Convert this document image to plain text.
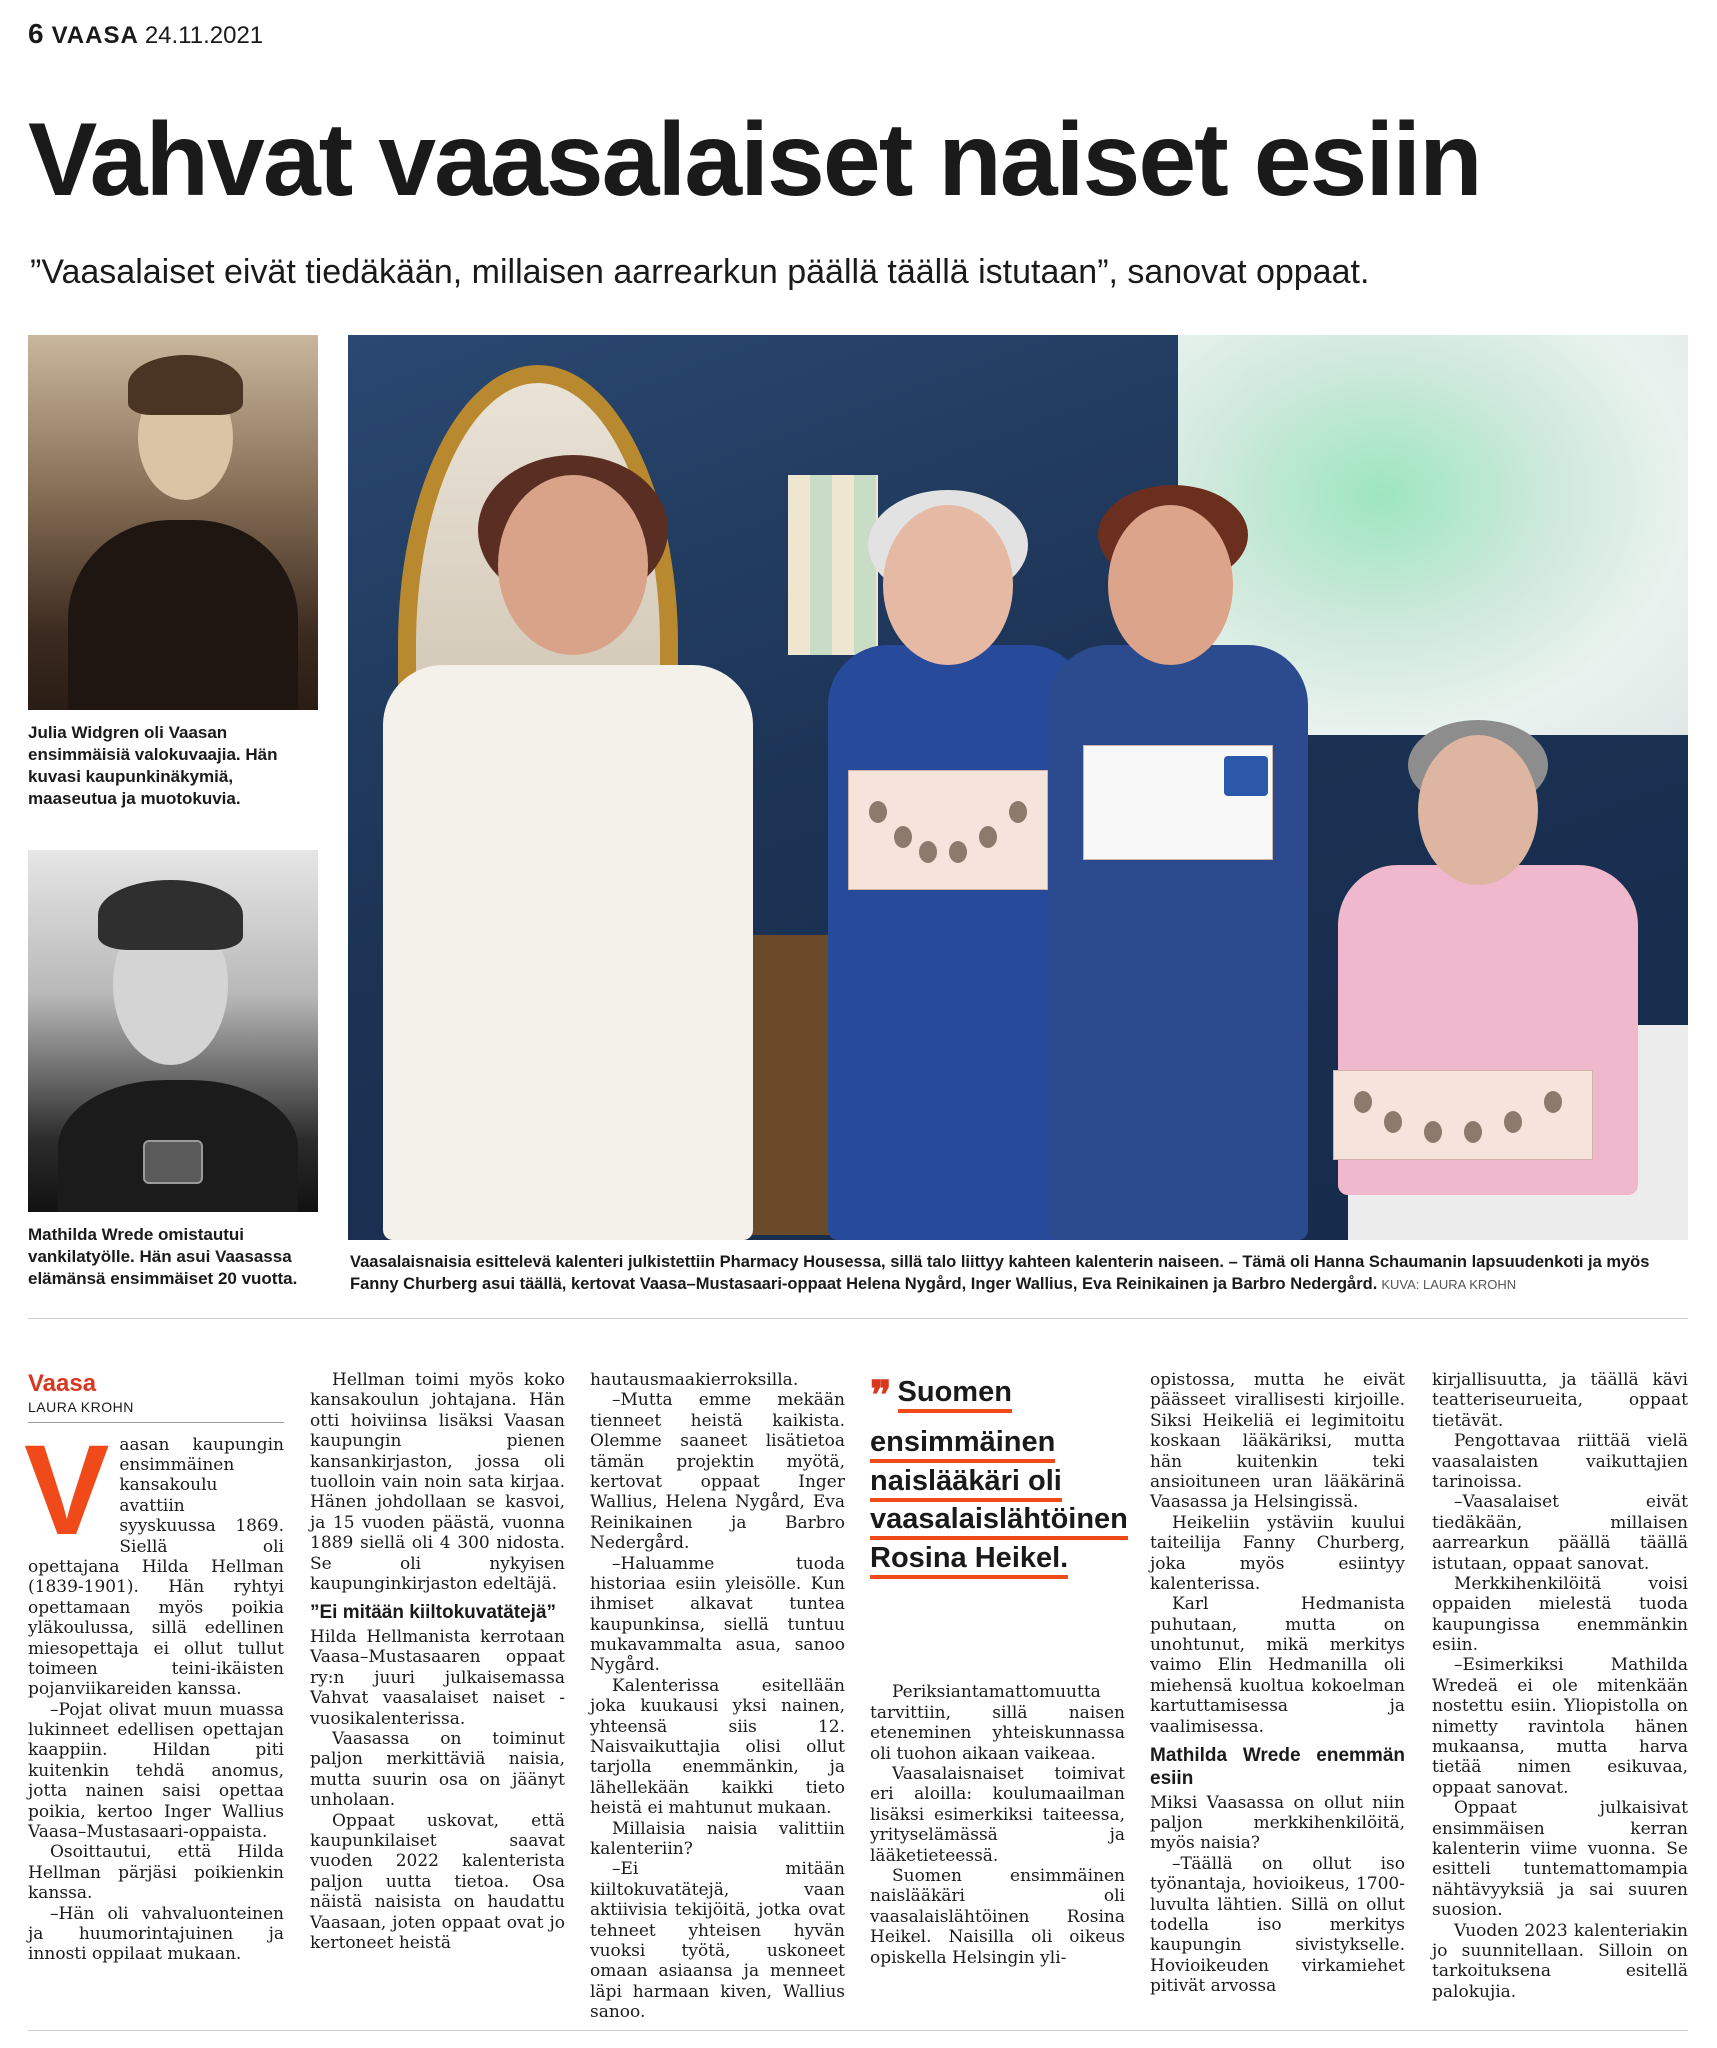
6 VAASA 24.11.2021
Vahvat vaasalaiset naiset esiin
”Vaasalaiset eivät tiedäkään, millaisen aarrearkun päällä täällä istutaan”, sanovat oppaat.
Julia Widgren oli Vaasan ensimmäisiä valokuvaajia. Hän kuvasi kaupunkinäkymiä, maaseutua ja muotokuvia.
Mathilda Wrede omistautui vankilatyölle. Hän asui Vaasassa elämänsä ensimmäiset 20 vuotta.
Vaasalaisnaisia esittelevä kalenteri julkistettiin Pharmacy Housessa, sillä talo liittyy kahteen kalenterin naiseen. – Tämä oli Hanna Schaumanin lapsuudenkoti ja myös Fanny Churberg asui täällä, kertovat Vaasa–Mustasaari-oppaat Helena Nygård, Inger Wallius, Eva Reinikainen ja Barbro Nedergård. KUVA: LAURA KROHN
Vaasa
LAURA KROHN
V aasan kaupungin ensimmäinen kansakoulu avattiin syyskuussa 1869. Siellä oli opettajana Hilda Hellman (1839-1901). Hän ryhtyi opettamaan myös poikia yläkoulussa, sillä edellinen miesopettaja ei ollut tullut toimeen teini-ikäisten pojanviikareiden kanssa.

–Pojat olivat muun muassa lukinneet edellisen opettajan kaappiin. Hildan piti kuitenkin tehdä anomus, jotta nainen saisi opettaa poikia, kertoo Inger Wallius Vaasa–Mustasaari-oppaista.

Osoittautui, että Hilda Hellman pärjäsi poikienkin kanssa.

–Hän oli vahvaluonteinen ja huumorintajuinen ja innosti oppilaat mukaan.

Hellman toimi myös koko kansakoulun johtajana. Hän otti hoiviinsa lisäksi Vaasan kaupungin pienen kansankirjaston, jossa oli tuolloin vain noin sata kirjaa. Hänen johdollaan se kasvoi, ja 15 vuoden päästä, vuonna 1889 siellä oli 4 300 nidosta. Se oli nykyisen kaupunginkirjaston edeltäjä.

”Ei mitään kiiltokuvatätejä”

Hilda Hellmanista kerrotaan Vaasa–Mustasaaren oppaat ry:n juuri julkaisemassa Vahvat vaasalaiset naiset -vuosikalenterissa.

Vaasassa on toiminut paljon merkittäviä naisia, mutta suurin osa on jäänyt unholaan.

Oppaat uskovat, että kaupunkilaiset saavat vuoden 2022 kalenterista paljon uutta tietoa. Osa näistä naisista on haudattu Vaasaan, joten oppaat ovat jo kertoneet heistä

hautausmaakierroksilla.

–Mutta emme mekään tienneet heistä kaikista. Olemme saaneet lisätietoa tämän projektin myötä, kertovat oppaat Inger Wallius, Helena Nygård, Eva Reinikainen ja Barbro Nedergård.

–Haluamme tuoda historiaa esiin yleisölle. Kun ihmiset alkavat tuntea kaupunkinsa, siellä tuntuu mukavammalta asua, sanoo Nygård.

Kalenterissa esitellään joka kuukausi yksi nainen, yhteensä siis 12. Naisvaikuttajia olisi ollut tarjolla enemmänkin, ja lähellekään kaikki tieto heistä ei mahtunut mukaan.

Millaisia naisia valittiin kalenteriin?

–Ei mitään kiiltokuvatätejä, vaan aktiivisia tekijöitä, jotka ovat tehneet yhteisen hyvän vuoksi työtä, uskoneet omaan asiaansa ja menneet läpi harmaan kiven, Wallius sanoo.

❞ Suomen ensimmäinen naislääkäri oli vaasalaislähtöinen Rosina Heikel.

Periksiantamattomuutta tarvittiin, sillä naisen eteneminen yhteiskunnassa oli tuohon aikaan vaikeaa.

Vaasalaisnaiset toimivat eri aloilla: koulumaailman lisäksi esimerkiksi taiteessa, yrityselämässä ja lääketieteessä.

Suomen ensimmäinen naislääkäri oli vaasalaislähtöinen Rosina Heikel. Naisilla oli oikeus opiskella Helsingin yli-

opistossa, mutta he eivät päässeet virallisesti kirjoille. Siksi Heikeliä ei legimitoitu koskaan lääkäriksi, mutta hän kuitenkin teki ansioituneen uran lääkärinä Vaasassa ja Helsingissä.

Heikeliin ystäviin kuului taiteilija Fanny Churberg, joka myös esiintyy kalenterissa.

Karl Hedmanista puhutaan, mutta on unohtunut, mikä merkitys vaimo Elin Hedmanilla oli miehensä kuoltua kokoelman kartuttamisessa ja vaalimisessa.

Mathilda Wrede enemmän esiin

Miksi Vaasassa on ollut niin paljon merkkihenkilöitä, myös naisia?

–Täällä on ollut iso työnantaja, hovioikeus, 1700-luvulta lähtien. Sillä on ollut todella iso merkitys kaupungin sivistykselle. Hovioikeuden virkamiehet pitivät arvossa

kirjallisuutta, ja täällä kävi teatteriseurueita, oppaat tietävät.

Pengottavaa riittää vielä vaasalaisten vaikuttajien tarinoissa.

–Vaasalaiset eivät tiedäkään, millaisen aarrearkun päällä täällä istutaan, oppaat sanovat.

Merkkihenkilöitä voisi oppaiden mielestä tuoda kaupungissa enemmänkin esiin.

–Esimerkiksi Mathilda Wredeä ei ole mitenkään nostettu esiin. Yliopistolla on nimetty ravintola hänen mukaansa, mutta harva tietää nimen esikuvaa, oppaat sanovat.

Oppaat julkaisivat ensimmäisen kerran kalenterin viime vuonna. Se esitteli tuntemattomampia nähtävyyksiä ja sai suuren suosion.

Vuoden 2023 kalenteriakin jo suunnitellaan. Silloin on tarkoituksena esitellä palokujia.
